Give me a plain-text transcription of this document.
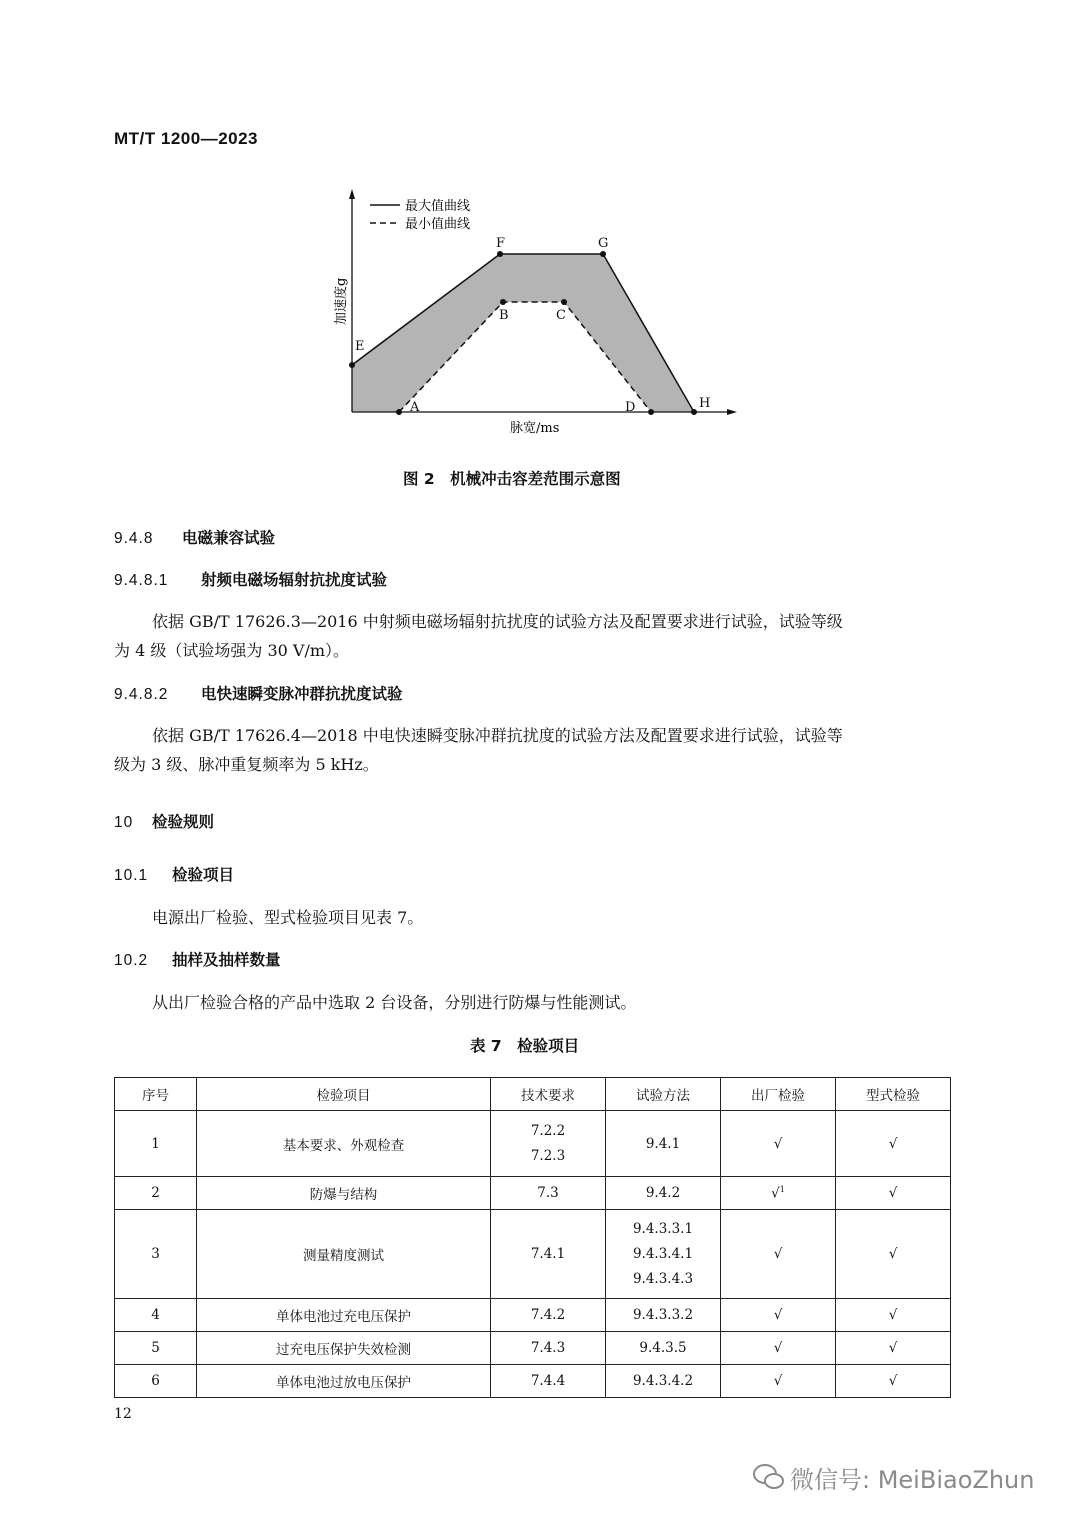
MT/T 1200—2023
E
F	G
H
A
B	C
D
最大值曲线
最小值曲线
加速度g
脉宽/ms
图 2　机械冲击容差范围示意图
9.4.8 电磁兼容试验
9.4.8.1 射频电磁场辐射抗扰度试验
依据 GB/T 17626.3—2016 中射频电磁场辐射抗扰度的试验方法及配置要求进行试验，试验等级
为 4 级（试验场强为 30 V/m）。
9.4.8.2 电快速瞬变脉冲群抗扰度试验
依据 GB/T 17626.4—2018 中电快速瞬变脉冲群抗扰度的试验方法及配置要求进行试验，试验等
级为 3 级、脉冲重复频率为 5 kHz。
10 检验规则
10.1 检验项目
电源出厂检验、型式检验项目见表 7。
10.2 抽样及抽样数量
从出厂检验合格的产品中选取 2 台设备，分别进行防爆与性能测试。
表 7　检验项目
序号	检验项目	技术要求	试验方法	出厂检验	型式检验
1	基本要求、外观检查	7.2.2
7.2.3	9.4.1	√	√
2	防爆与结构	7.3	9.4.2	√$^1$	√
3	测量精度测试	7.4.1	9.4.3.3.1
9.4.3.4.1
9.4.3.4.3	√	√
4	单体电池过充电压保护	7.4.2	9.4.3.3.2	√	√
5	过充电压保护失效检测	7.4.3	9.4.3.5	√	√
6	单体电池过放电压保护	7.4.4	9.4.3.4.2	√	√
12
微信号: MeiBiaoZhun
